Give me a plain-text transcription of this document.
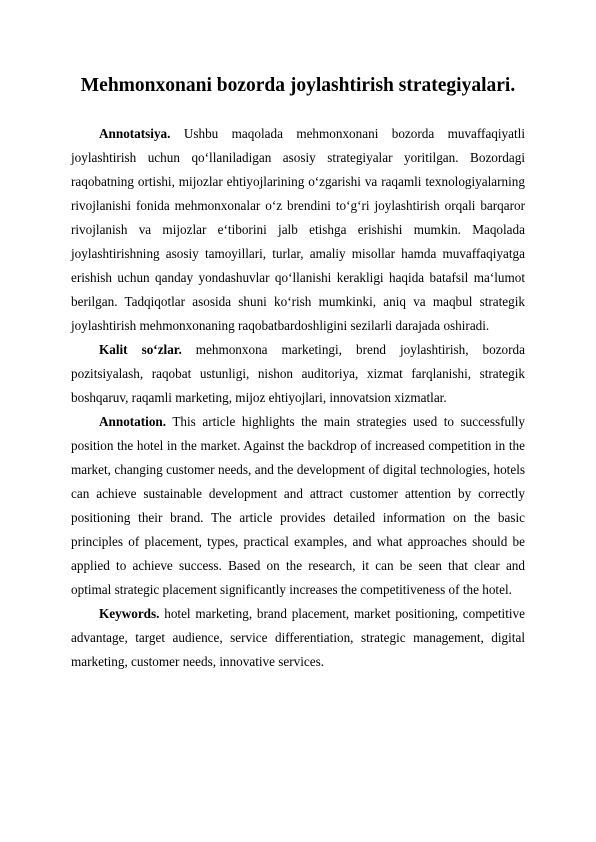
Mehmonxonani bozorda joylashtirish strategiyalari.

Annotatsiya. Ushbu maqolada mehmonxonani bozorda muvaffaqiyatli joylashtirish uchun qo‘llaniladigan asosiy strategiyalar yoritilgan. Bozordagi raqobatning ortishi, mijozlar ehtiyojlarining o‘zgarishi va raqamli texnologiyalarning rivojlanishi fonida mehmonxonalar o‘z brendini to‘g‘ri joylashtirish orqali barqaror rivojlanish va mijozlar e‘tiborini jalb etishga erishishi mumkin. Maqolada joylashtirishning asosiy tamoyillari, turlar, amaliy misollar hamda muvaffaqiyatga erishish uchun qanday yondashuvlar qo‘llanishi kerakligi haqida batafsil ma‘lumot berilgan. Tadqiqotlar asosida shuni ko‘rish mumkinki, aniq va maqbul strategik joylashtirish mehmonxonaning raqobatbardoshligini sezilarli darajada oshiradi.

Kalit so‘zlar. mehmonxona marketingi, brend joylashtirish, bozorda pozitsiyalash, raqobat ustunligi, nishon auditoriya, xizmat farqlanishi, strategik boshqaruv, raqamli marketing, mijoz ehtiyojlari, innovatsion xizmatlar.

Annotation. This article highlights the main strategies used to successfully position the hotel in the market. Against the backdrop of increased competition in the market, changing customer needs, and the development of digital technologies, hotels can achieve sustainable development and attract customer attention by correctly positioning their brand. The article provides detailed information on the basic principles of placement, types, practical examples, and what approaches should be applied to achieve success. Based on the research, it can be seen that clear and optimal strategic placement significantly increases the competitiveness of the hotel.

Keywords. hotel marketing, brand placement, market positioning, competitive advantage, target audience, service differentiation, strategic management, digital marketing, customer needs, innovative services.
